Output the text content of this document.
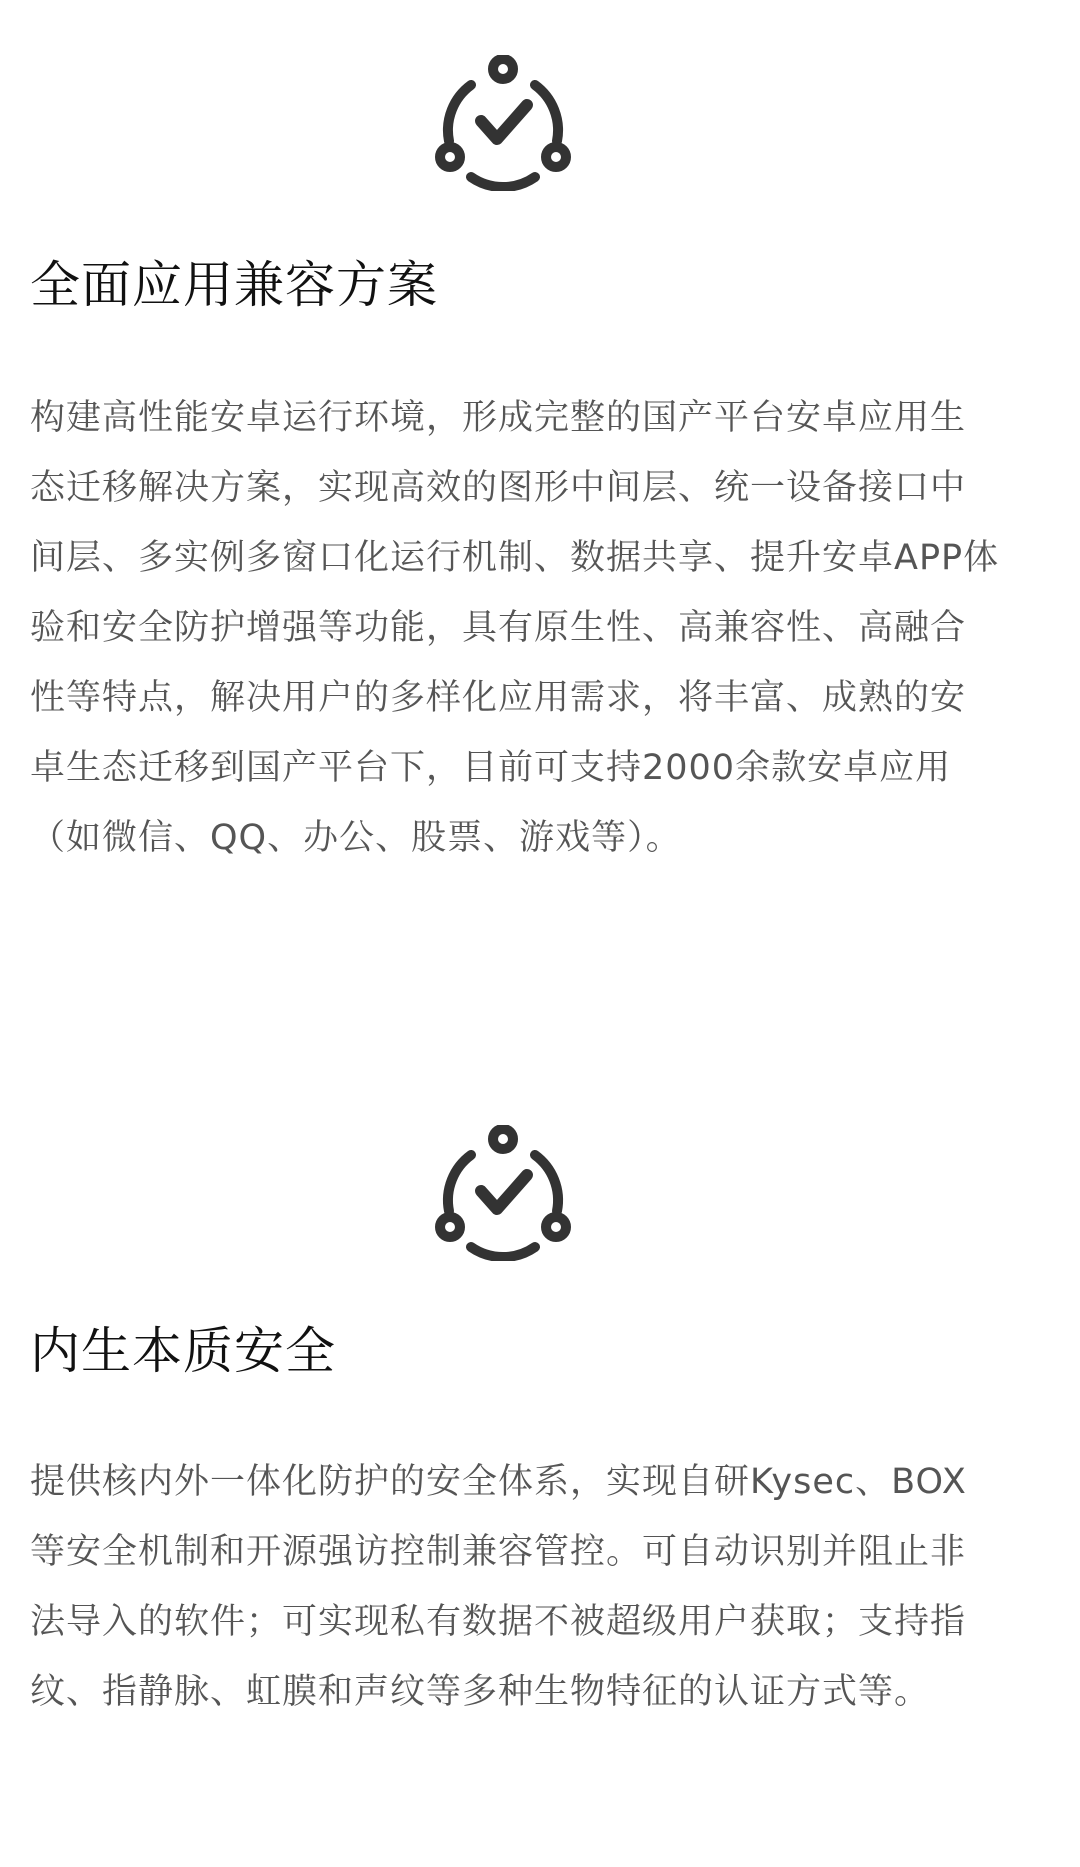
全面应用兼容方案

构建高性能安卓运行环境，形成完整的国产平台安卓应用生态迁移解决方案，实现高效的图形中间层、统一设备接口中间层、多实例多窗口化运行机制、数据共享、提升安卓APP体验和安全防护增强等功能，具有原生性、高兼容性、高融合性等特点，解决用户的多样化应用需求，将丰富、成熟的安卓生态迁移到国产平台下，目前可支持2000余款安卓应用（如微信、QQ、办公、股票、游戏等）。

内生本质安全

提供核内外一体化防护的安全体系，实现自研Kysec、BOX等安全机制和开源强访控制兼容管控。可自动识别并阻止非法导入的软件；可实现私有数据不被超级用户获取；支持指纹、指静脉、虹膜和声纹等多种生物特征的认证方式等。
